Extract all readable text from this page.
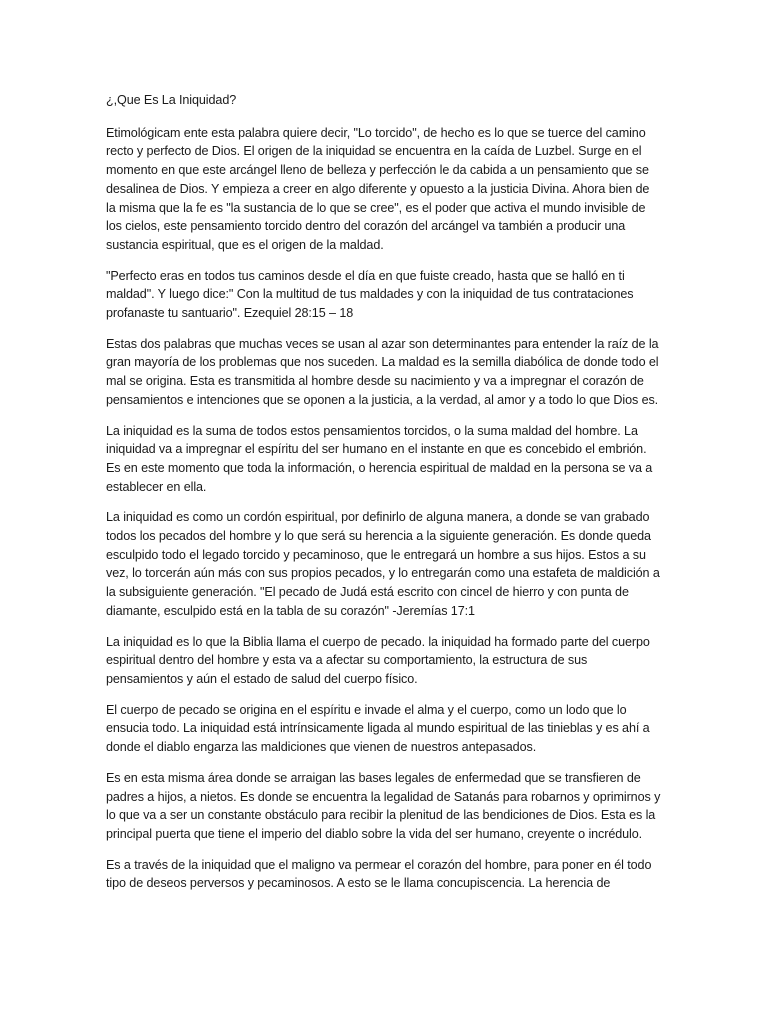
¿,Que Es La Iniquidad?

Etimológicam ente esta palabra quiere decir, "Lo torcido", de hecho es lo que se tuerce del camino recto y perfecto de Dios. El origen de la iniquidad se encuentra en la caída de Luzbel. Surge en el momento en que este arcángel lleno de belleza y perfección le da cabida a un pensamiento que se desalinea de Dios. Y empieza a creer en algo diferente y opuesto a la justicia Divina. Ahora bien de la misma que la fe es "la sustancia de lo que se cree", es el poder que activa el mundo invisible de los cielos, este pensamiento torcido dentro del corazón del arcángel va también a producir una sustancia espiritual, que es el origen de la maldad.

"Perfecto eras en todos tus caminos desde el día en que fuiste creado, hasta que se halló en ti maldad". Y luego dice:" Con la multitud de tus maldades y con la iniquidad de tus contrataciones profanaste tu santuario". Ezequiel 28:15 – 18

Estas dos palabras que muchas veces se usan al azar son determinantes para entender la raíz de la gran mayoría de los problemas que nos suceden. La maldad es la semilla diabólica de donde todo el mal se origina. Esta es transmitida al hombre desde su nacimiento y va a impregnar el corazón de pensamientos e intenciones que se oponen a la justicia, a la verdad, al amor y a todo lo que Dios es.

La iniquidad es la suma de todos estos pensamientos torcidos, o la suma maldad del hombre. La iniquidad va a impregnar el espíritu del ser humano en el instante en que es concebido el embrión. Es en este momento que toda la información, o herencia espiritual de maldad en la persona se va a establecer en ella.

La iniquidad es como un cordón espiritual, por definirlo de alguna manera, a donde se van grabado todos los pecados del hombre y lo que será su herencia a la siguiente generación. Es donde queda esculpido todo el legado torcido y pecaminoso, que le entregará un hombre a sus hijos. Estos a su vez, lo torcerán aún más con sus propios pecados, y lo entregarán como una estafeta de maldición a la subsiguiente generación. "El pecado de Judá está escrito con cincel de hierro y con punta de diamante, esculpido está en la tabla de su corazón" -Jeremías 17:1

La iniquidad es lo que la Biblia llama el cuerpo de pecado. la iniquidad ha formado parte del cuerpo espiritual dentro del hombre y esta va a afectar su comportamiento, la estructura de sus pensamientos y aún el estado de salud del cuerpo físico.

El cuerpo de pecado se origina en el espíritu e invade el alma y el cuerpo, como un lodo que lo ensucia todo. La iniquidad está intrínsicamente ligada al mundo espiritual de las tinieblas y es ahí a donde el diablo engarza las maldiciones que vienen de nuestros antepasados.

Es en esta misma área donde se arraigan las bases legales de enfermedad que se transfieren de padres a hijos, a nietos. Es donde se encuentra la legalidad de Satanás para robarnos y oprimirnos y lo que va a ser un constante obstáculo para recibir la plenitud de las bendiciones de Dios. Esta es la principal puerta que tiene el imperio del diablo sobre la vida del ser humano, creyente o incrédulo.

Es a través de la iniquidad que el maligno va permear el corazón del hombre, para poner en él todo tipo de deseos perversos y pecaminosos. A esto se le llama concupiscencia. La herencia de
